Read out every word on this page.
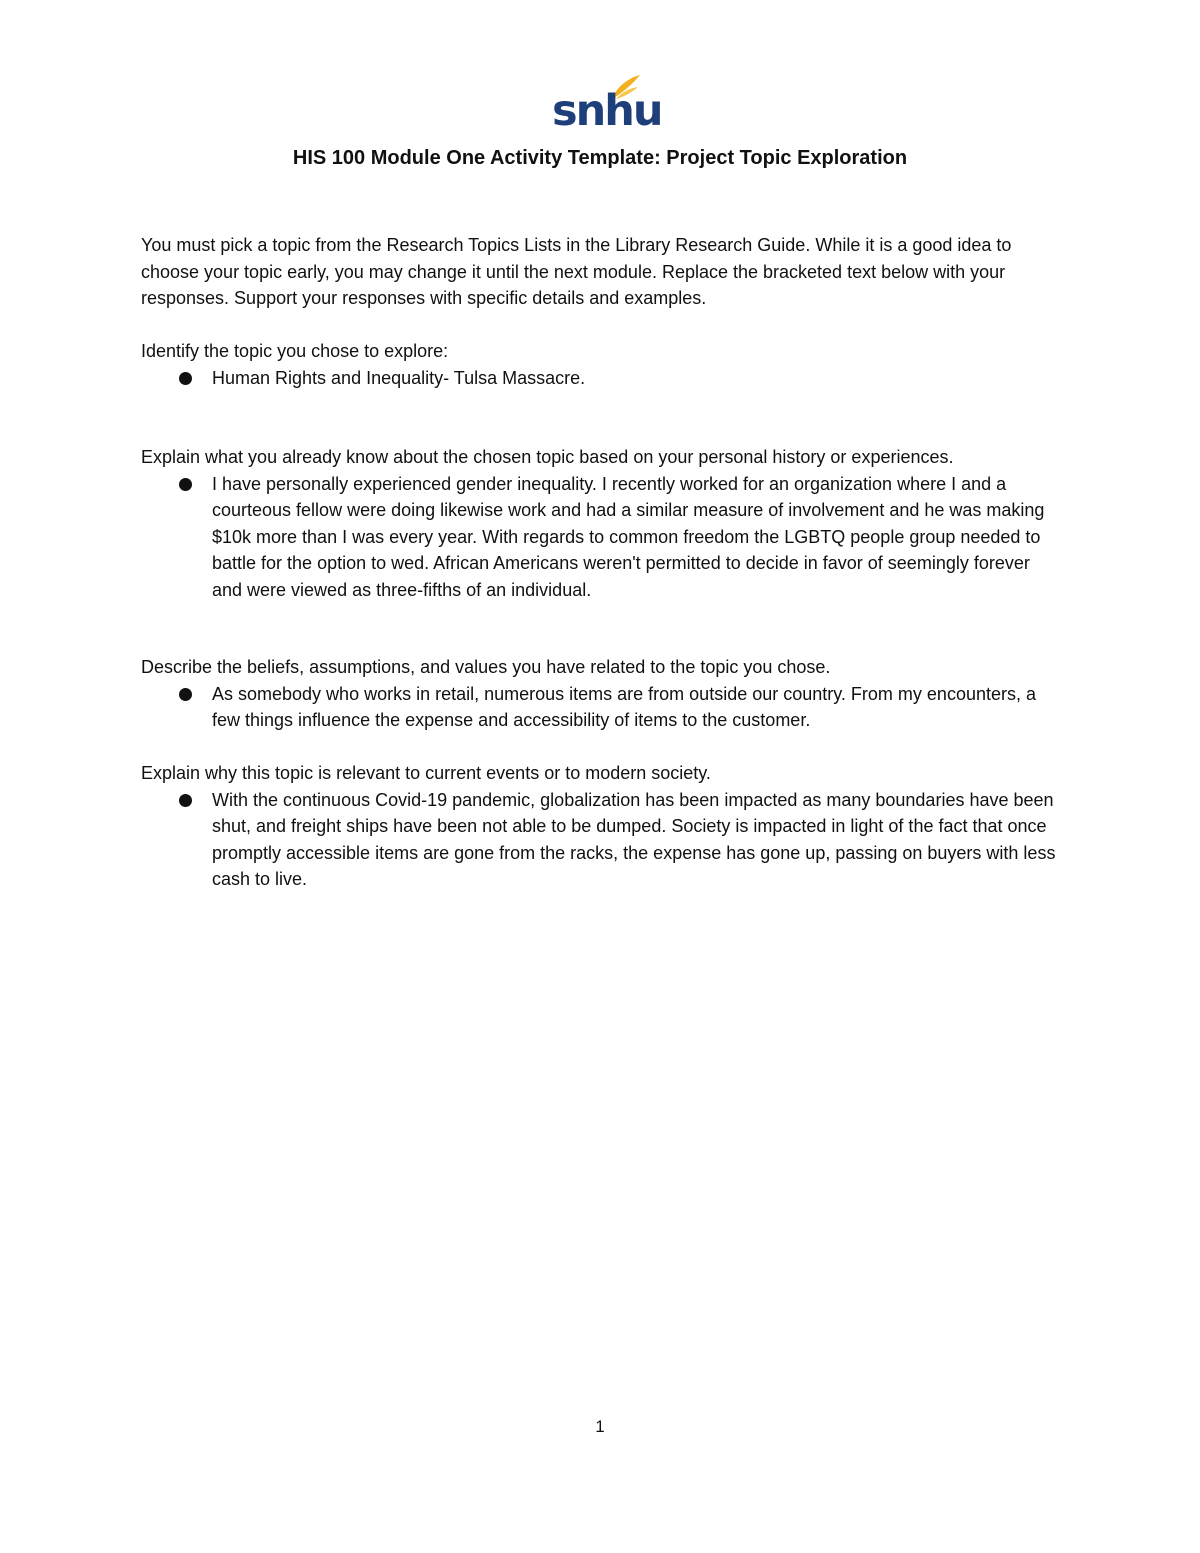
snhu
HIS 100 Module One Activity Template: Project Topic Exploration
You must pick a topic from the Research Topics Lists in the Library Research Guide. While it is a good idea to choose your topic early, you may change it until the next module. Replace the bracketed text below with your responses. Support your responses with specific details and examples.

Identify the topic you chose to explore:

Human Rights and Inequality- Tulsa Massacre.

Explain what you already know about the chosen topic based on your personal history or experiences.

I have personally experienced gender inequality. I recently worked for an organization where I and a courteous fellow were doing likewise work and had a similar measure of involvement and he was making $10k more than I was every year. With regards to common freedom the LGBTQ people group needed to battle for the option to wed. African Americans weren't permitted to decide in favor of seemingly forever and were viewed as three-fifths of an individual.

Describe the beliefs, assumptions, and values you have related to the topic you chose.

As somebody who works in retail, numerous items are from outside our country. From my encounters, a few things influence the expense and accessibility of items to the customer.

Explain why this topic is relevant to current events or to modern society.

With the continuous Covid-19 pandemic, globalization has been impacted as many boundaries have been shut, and freight ships have been not able to be dumped. Society is impacted in light of the fact that once promptly accessible items are gone from the racks, the expense has gone up, passing on buyers with less cash to live.

1
